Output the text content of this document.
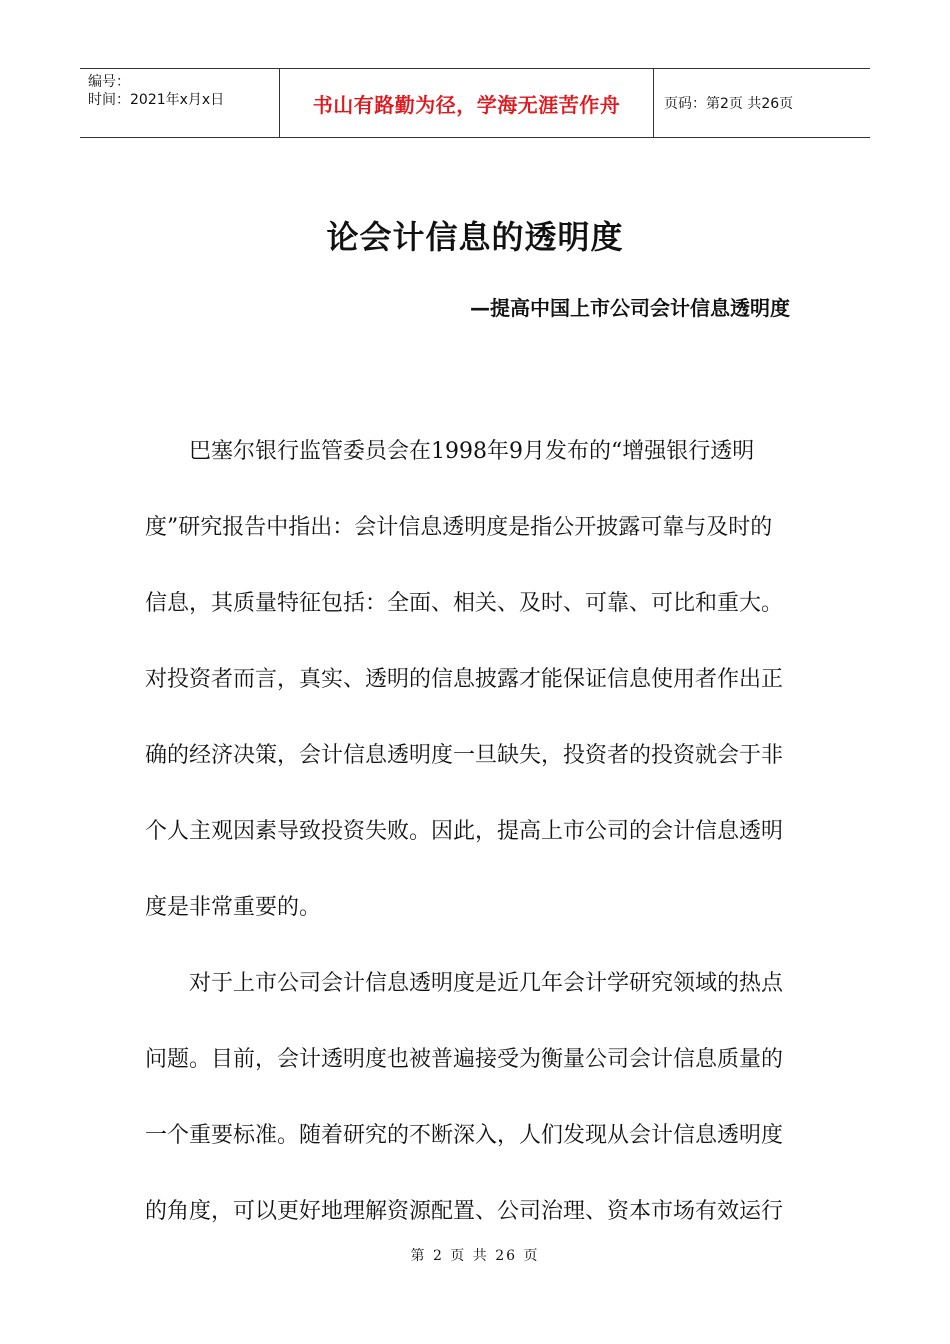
编号：
时间：2021年x月x日	书山有路勤为径，学海无涯苦作舟	页码：第2页 共26页
论会计信息的透明度
—提高中国上市公司会计信息透明度
巴塞尔银行监管委员会在1998年9月发布的“增强银行透明
度”研究报告中指出：会计信息透明度是指公开披露可靠与及时的
信息，其质量特征包括：全面、相关、及时、可靠、可比和重大。
对投资者而言，真实、透明的信息披露才能保证信息使用者作出正
确的经济决策，会计信息透明度一旦缺失，投资者的投资就会于非
个人主观因素导致投资失败。因此，提高上市公司的会计信息透明
度是非常重要的。
对于上市公司会计信息透明度是近几年会计学研究领域的热点
问题。目前，会计透明度也被普遍接受为衡量公司会计信息质量的
一个重要标准。随着研究的不断深入，人们发现从会计信息透明度
的角度，可以更好地理解资源配置、公司治理、资本市场有效运行
第 2 页 共 26 页
